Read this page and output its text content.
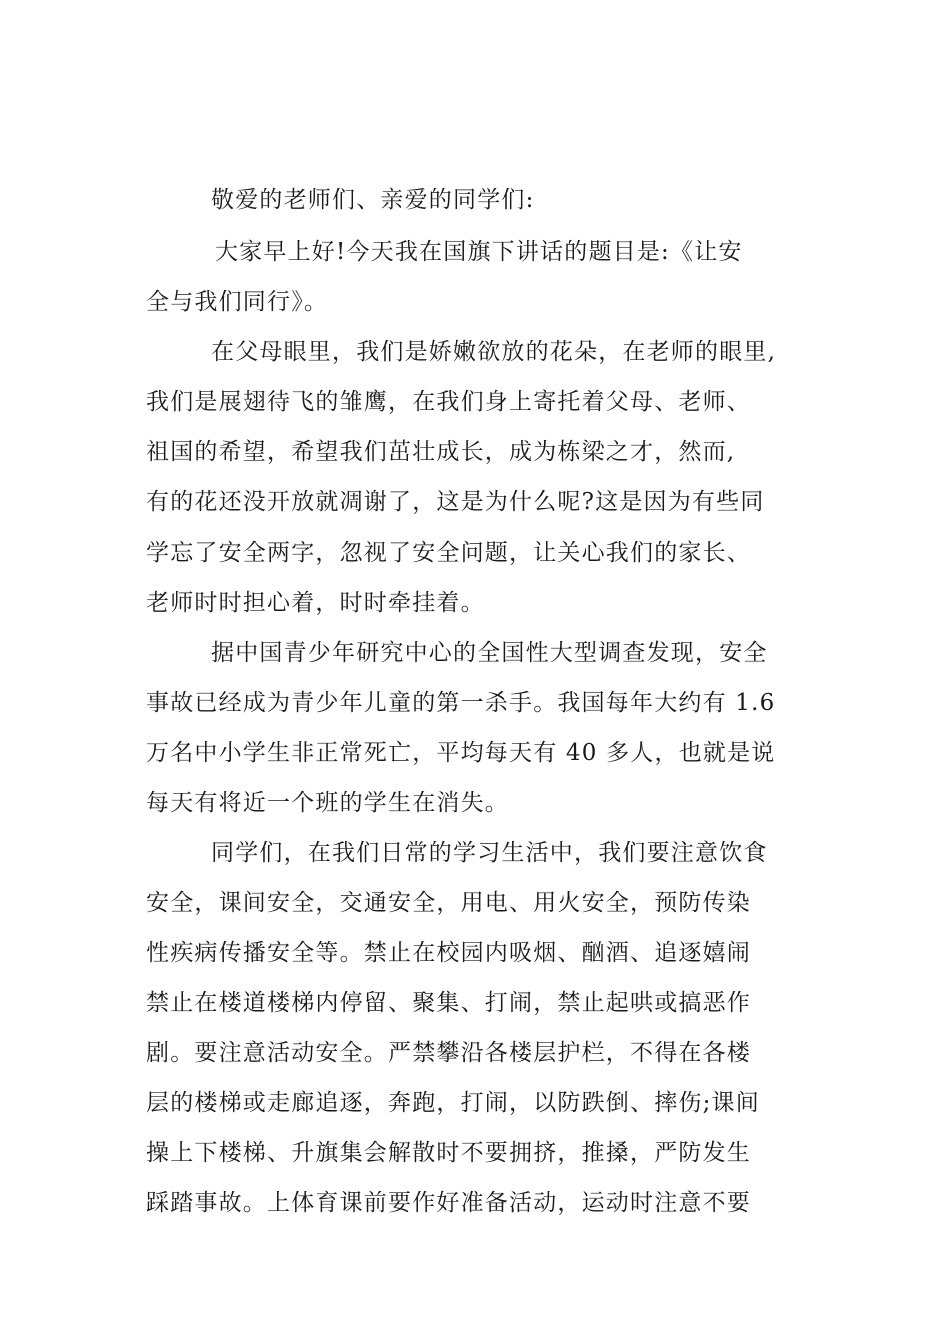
敬爱的老师们、亲爱的同学们:
大家早上好!今天我在国旗下讲话的题目是:《让安
全与我们同行》。
在父母眼里，我们是娇嫩欲放的花朵，在老师的眼里,
我们是展翅待飞的雏鹰，在我们身上寄托着父母、老师、
祖国的希望，希望我们茁壮成长，成为栋梁之才，然而,
有的花还没开放就凋谢了，这是为什么呢?这是因为有些同
学忘了安全两字，忽视了安全问题，让关心我们的家长、
老师时时担心着，时时牵挂着。
据中国青少年研究中心的全国性大型调查发现，安全
事故已经成为青少年儿童的第一杀手。我国每年大约有 1.6
万名中小学生非正常死亡，平均每天有 40 多人，也就是说
每天有将近一个班的学生在消失。
同学们，在我们日常的学习生活中，我们要注意饮食
安全，课间安全，交通安全，用电、用火安全，预防传染
性疾病传播安全等。禁止在校园内吸烟、酗酒、追逐嬉闹
禁止在楼道楼梯内停留、聚集、打闹，禁止起哄或搞恶作
剧。要注意活动安全。严禁攀沿各楼层护栏，不得在各楼
层的楼梯或走廊追逐，奔跑，打闹，以防跌倒、摔伤;课间
操上下楼梯、升旗集会解散时不要拥挤，推搡，严防发生
踩踏事故。上体育课前要作好准备活动，运动时注意不要
